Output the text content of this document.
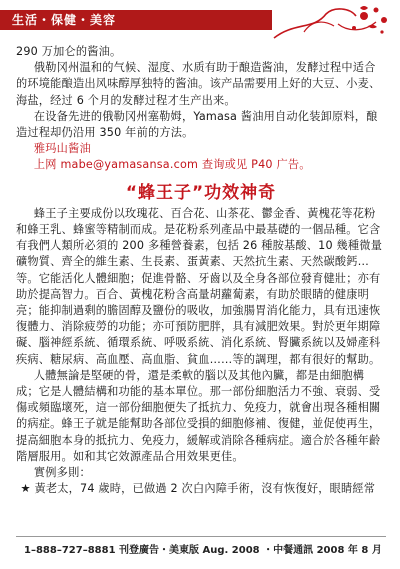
生活・保健・美容

290 万加仑的酱油。

俄勒冈州温和的气候、湿度、水质有助于酿造酱油，发酵过程中适合的环境能酿造出风味醇厚独特的酱油。该产品需要用上好的大豆、小麦、海盐，经过 6 个月的发酵过程才生产出来。

在设备先进的俄勒冈州塞勒姆，Yamasa 酱油用自动化装卸原料，酿造过程却仍沿用 350 年前的方法。

雅玛山酱油

上网 mabe@yamasansa.com 查询或见 P40 广告。

“蜂王子”功效神奇

蜂王子主要成份以玫瑰花、百合花、山茶花、鬱金香、黃槐花等花粉和蜂王乳、蜂蜜等精制而成。是花粉系列產品中最基礎的一個品種。它含有我們人類所必須的 200 多種營養素，包括 26 種胺基酸、10 幾種微量礦物質、齊全的維生素、生長素、蛋黃素、天然抗生素、天然碳酸鈣…等。它能活化人體細胞；促進骨骼、牙齒以及全身各部位發育健壯；亦有助於提高智力。百合、黃槐花粉含高量胡蘿蔔素，有助於眼睛的健康明亮；能抑制過剩的膽固醇及鹽份的吸收，加強腸胃消化能力，具有迅速恢復體力、消除疲勞的功能；亦可預防肥胖，具有減肥效果。對於更年期障礙、腦神經系統、循環系統、呼吸系統、消化系統、腎臟系統以及婦產科疾病、糖尿病、高血壓、高血脂、貧血……等的調理，都有很好的幫助。

人體無論是堅硬的骨，還是柔軟的腦以及其他內臟，都是由細胞構成；它是人體結構和功能的基本單位。那一部份細胞活力不強、衰弱、受傷或頻臨壞死，這一部份細胞便失了抵抗力、免疫力，就會出現各種相關的病症。蜂王子就是能幫助各部位受損的細胞修補、復健，並促使再生，提高細胞本身的抵抗力、免疫力，緩解或消除各種病症。適合於各種年齡階層服用。如和其它效源產品合用效果更佳。

實例多則：

★ 黃老太，74 歲時，已做過 2 次白內障手術，沒有恢復好，眼睛經常

1–888–727–8881 刊登廣告・美東版 Aug. 2008 ・中餐通訊 2008 年 8 月
